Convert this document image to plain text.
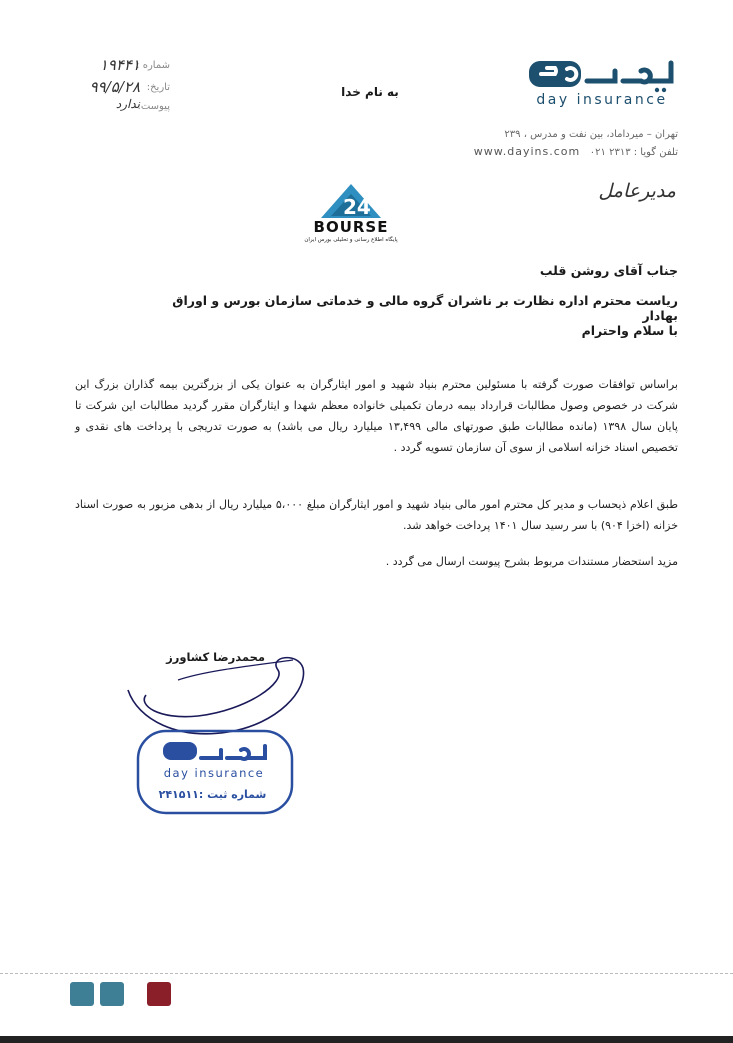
شماره :
۱۹۴۴۱
تاریخ:
۹۹/۵/۲۸
پیوست:
ندارد
به نام خدا	day insurance
تهران – میرداماد، بین نفت و مدرس ، ۲۳۹
تلفن گویا : ۲۳۱۳ ۰۲۱   www.dayins.com
مدیرعامل
24
BOURSE
پایگاه اطلاع رسانی و تحلیلی بورس ایران
جناب آقای روشن قلب
ریاست محترم اداره نظارت بر ناشران گروه مالی و خدماتی سازمان بورس و اوراق بهادار
با سلام واحترام
براساس توافقات صورت گرفته با مسئولین محترم بنیاد شهید و امور ایثارگران به عنوان یکی از بزرگترین بیمه گذاران بزرگ این شرکت در خصوص وصول مطالبات قرارداد بیمه درمان تکمیلی خانواده معظم شهدا و ایثارگران مقرر گردید مطالبات این شرکت تا پایان سال ۱۳۹۸ (مانده مطالبات طبق صورتهای مالی ۱۳,۴۹۹ میلیارد ریال می باشد) به صورت تدریجی با پرداخت های نقدی و تخصیص اسناد خزانه اسلامی از سوی آن سازمان تسویه گردد .
طبق اعلام ذیحساب و مدیر کل محترم امور مالی بنیاد شهید و امور ایثارگران مبلغ ۵،۰۰۰ میلیارد ریال از بدهی مزبور به صورت اسناد خزانه (اخزا ۹۰۴) با سر رسید سال ۱۴۰۱ پرداخت خواهد شد.
مزید استحضار مستندات مربوط بشرح پیوست ارسال می گردد .
محمدرضا کشاورز
day insurance
شماره ثبت :۲۴۱۵۱۱
